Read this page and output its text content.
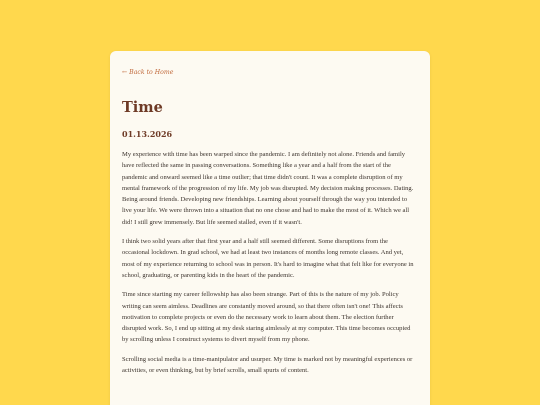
← Back to Home
Time
01.13.2026

My experience with time has been warped since the pandemic. I am definitely not alone. Friends and family have reflected the same in passing conversations. Something like a year and a half from the start of the pandemic and onward seemed like a time outlier; that time didn't count. It was a complete disruption of my mental framework of the progression of my life. My job was disrupted. My decision making processes. Dating. Being around friends. Developing new friendships. Learning about yourself through the way you intended to live your life. We were thrown into a situation that no one chose and had to make the most of it. Which we all did! I still grew immensely. But life seemed stalled, even if it wasn't.

I think two solid years after that first year and a half still seemed different. Some disruptions from the occasional lockdown. In grad school, we had at least two instances of months long remote classes. And yet, most of my experience returning to school was in person. It's hard to imagine what that felt like for everyone in school, graduating, or parenting kids in the heart of the pandemic.

Time since starting my career fellowship has also been strange. Part of this is the nature of my job. Policy writing can seem aimless. Deadlines are constantly moved around, so that there often isn't one! This affects motivation to complete projects or even do the necessary work to learn about them. The election further disrupted work. So, I end up sitting at my desk staring aimlessly at my computer. This time becomes occupied by scrolling unless I construct systems to divert myself from my phone.

Scrolling social media is a time-manipulator and usurper. My time is marked not by meaningful experiences or activities, or even thinking, but by brief scrolls, small spurts of content.
